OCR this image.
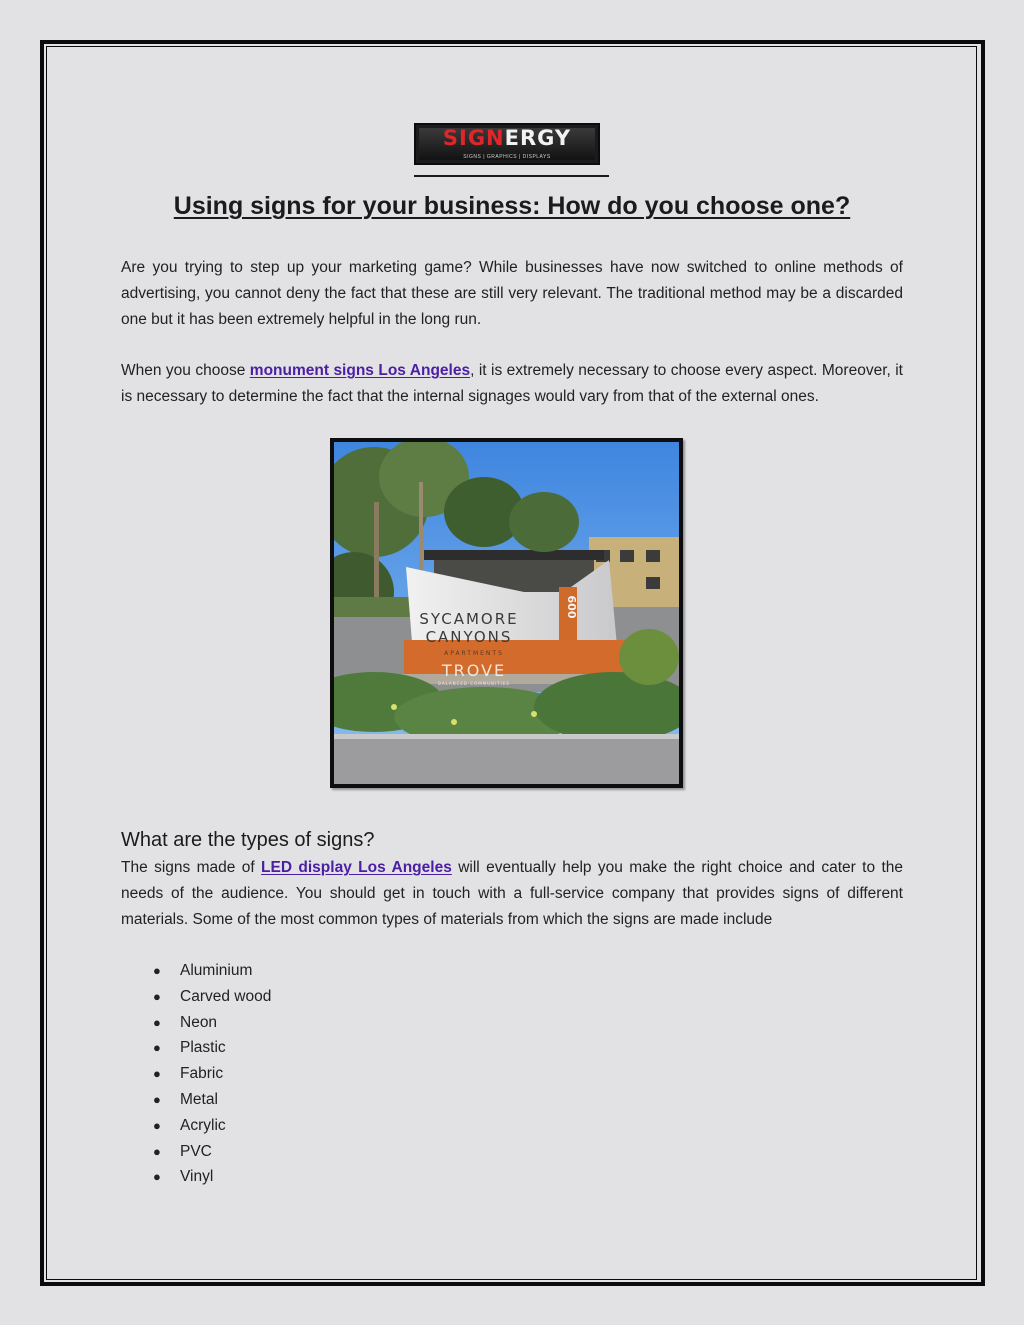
SIGNERGY
SIGNS | GRAPHICS | DISPLAYS
Using signs for your business: How do you choose one?
Are you trying to step up your marketing game? While businesses have now switched to online methods of advertising, you cannot deny the fact that these are still very relevant. The traditional method may be a discarded one but it has been extremely helpful in the long run.
When you choose monument signs Los Angeles, it is extremely necessary to choose every aspect. Moreover, it is necessary to determine the fact that the internal signages would vary from that of the external ones.
SYCAMORE
CANYONS
APARTMENTS
600
TROVE
BALANCED COMMUNITIES
What are the types of signs?
The signs made of LED display Los Angeles will eventually help you make the right choice and cater to the needs of the audience. You should get in touch with a full-service company that provides signs of different materials. Some of the most common types of materials from which the signs are made include
● Aluminium
● Carved wood
● Neon
● Plastic
● Fabric
● Metal
● Acrylic
● PVC
● Vinyl
